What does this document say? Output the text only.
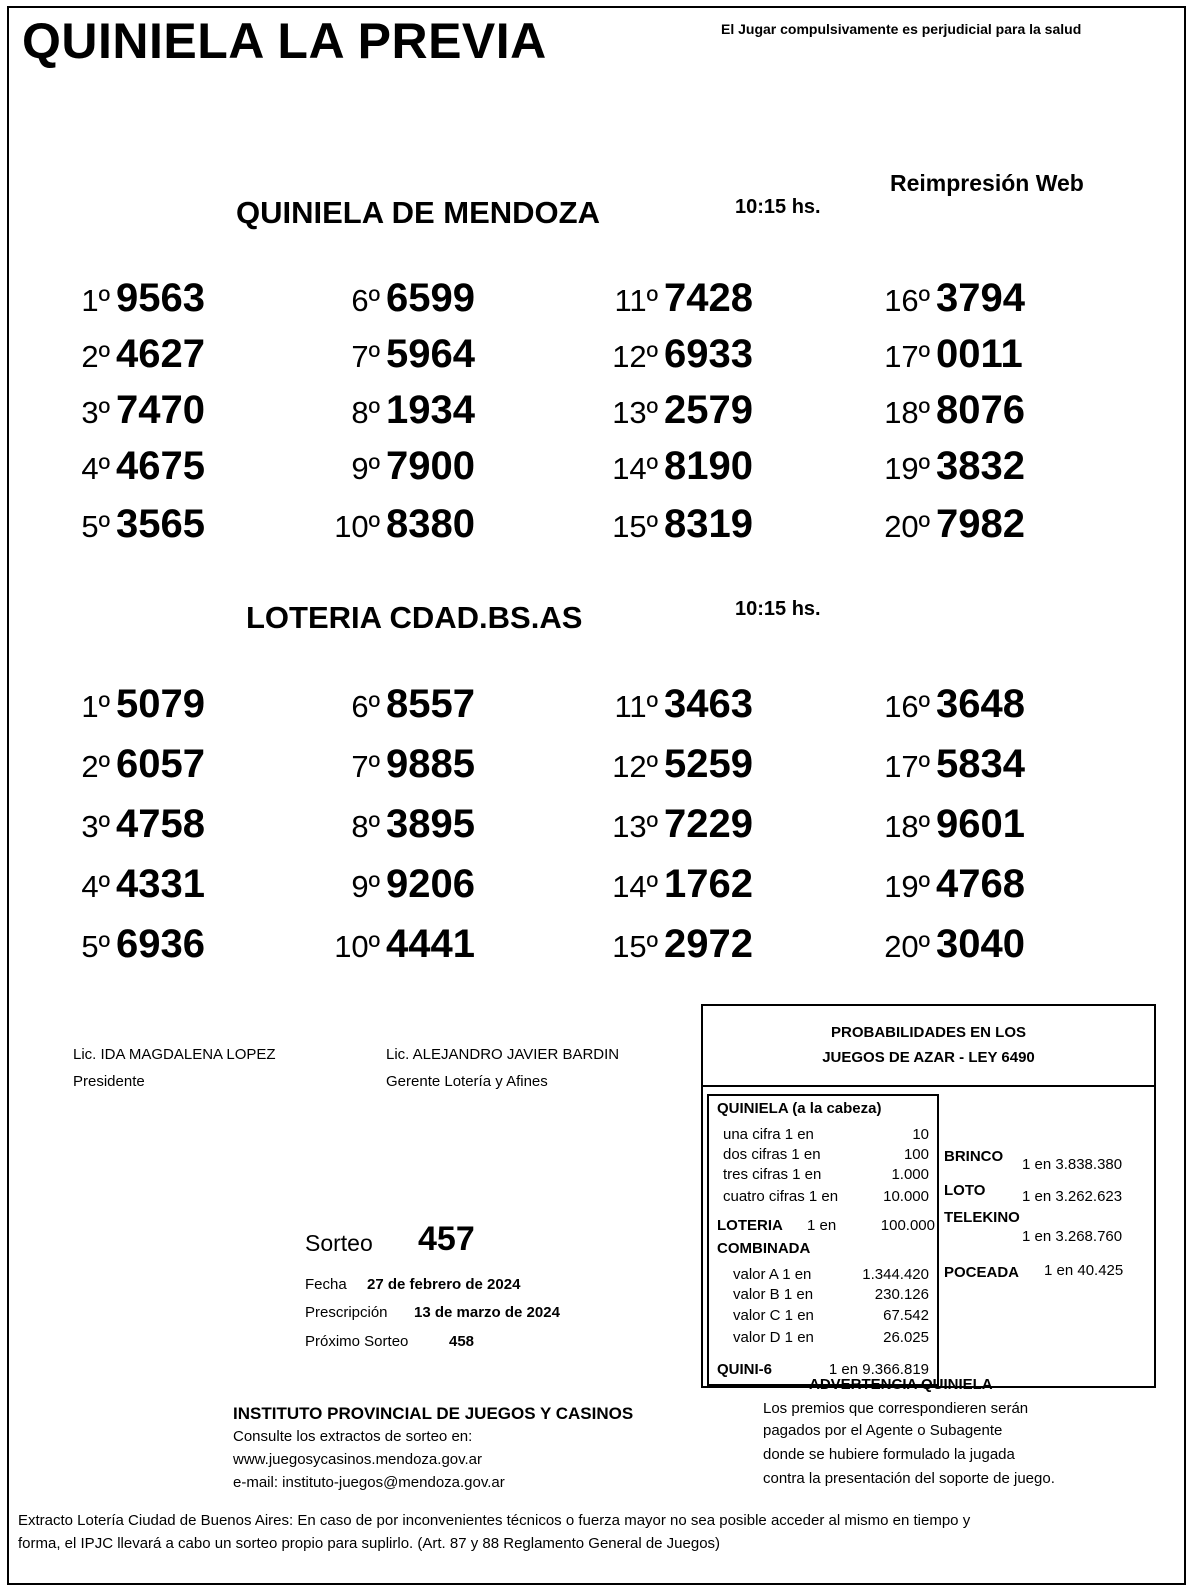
QUINIELA LA PREVIA	El Jugar compulsivamente es perjudicial para la salud
Reimpresión Web
QUINIELA DE MENDOZA	10:15 hs.
1º 9563
2º 4627
3º 7470
4º 4675
5º 3565
6º 6599
7º 5964
8º 1934
9º 7900
10º 8380
11º 7428
12º 6933
13º 2579
14º 8190
15º 8319
16º 3794
17º 0011
18º 8076
19º 3832
20º 7982
LOTERIA CDAD.BS.AS	10:15 hs.
1º 5079
2º 6057
3º 4758
4º 4331
5º 6936
6º 8557
7º 9885
8º 3895
9º 9206
10º 4441
11º 3463
12º 5259
13º 7229
14º 1762
15º 2972
16º 3648
17º 5834
18º 9601
19º 4768
20º 3040
Lic. IDA MAGDALENA LOPEZ
Presidente
Lic. ALEJANDRO JAVIER BARDIN
Gerente Lotería y Afines
Sorteo 457
Fecha 27 de febrero de 2024
Prescripción 13 de marzo de 2024
Próximo Sorteo	458
PROBABILIDADES EN LOS
JUEGOS DE AZAR - LEY 6490
QUINIELA (a la cabeza)
una cifra 1 en	10
dos cifras 1 en	100
tres cifras 1 en	1.000
cuatro cifras 1 en	10.000
LOTERIA 1 en	100.000
COMBINADA
valor A 1 en	1.344.420
valor B 1 en	230.126
valor C 1 en	67.542
valor D 1 en	26.025
QUINI-6	1 en 9.366.819
BRINCO 1 en 3.838.380
LOTO 1 en 3.262.623
TELEKINO
1 en 3.268.760
POCEADA 1 en 40.425
ADVERTENCIA QUINIELA
Los premios que correspondieren serán
pagados por el Agente o Subagente
donde se hubiere formulado la jugada
contra la presentación del soporte de juego.
INSTITUTO PROVINCIAL DE JUEGOS Y CASINOS
Consulte los extractos de sorteo en:
www.juegosycasinos.mendoza.gov.ar
e-mail: instituto-juegos@mendoza.gov.ar
Extracto Lotería Ciudad de Buenos Aires: En caso de por inconvenientes técnicos o fuerza mayor no sea posible acceder al mismo en tiempo y
forma, el IPJC llevará a cabo un sorteo propio para suplirlo. (Art. 87 y 88 Reglamento General de Juegos)
